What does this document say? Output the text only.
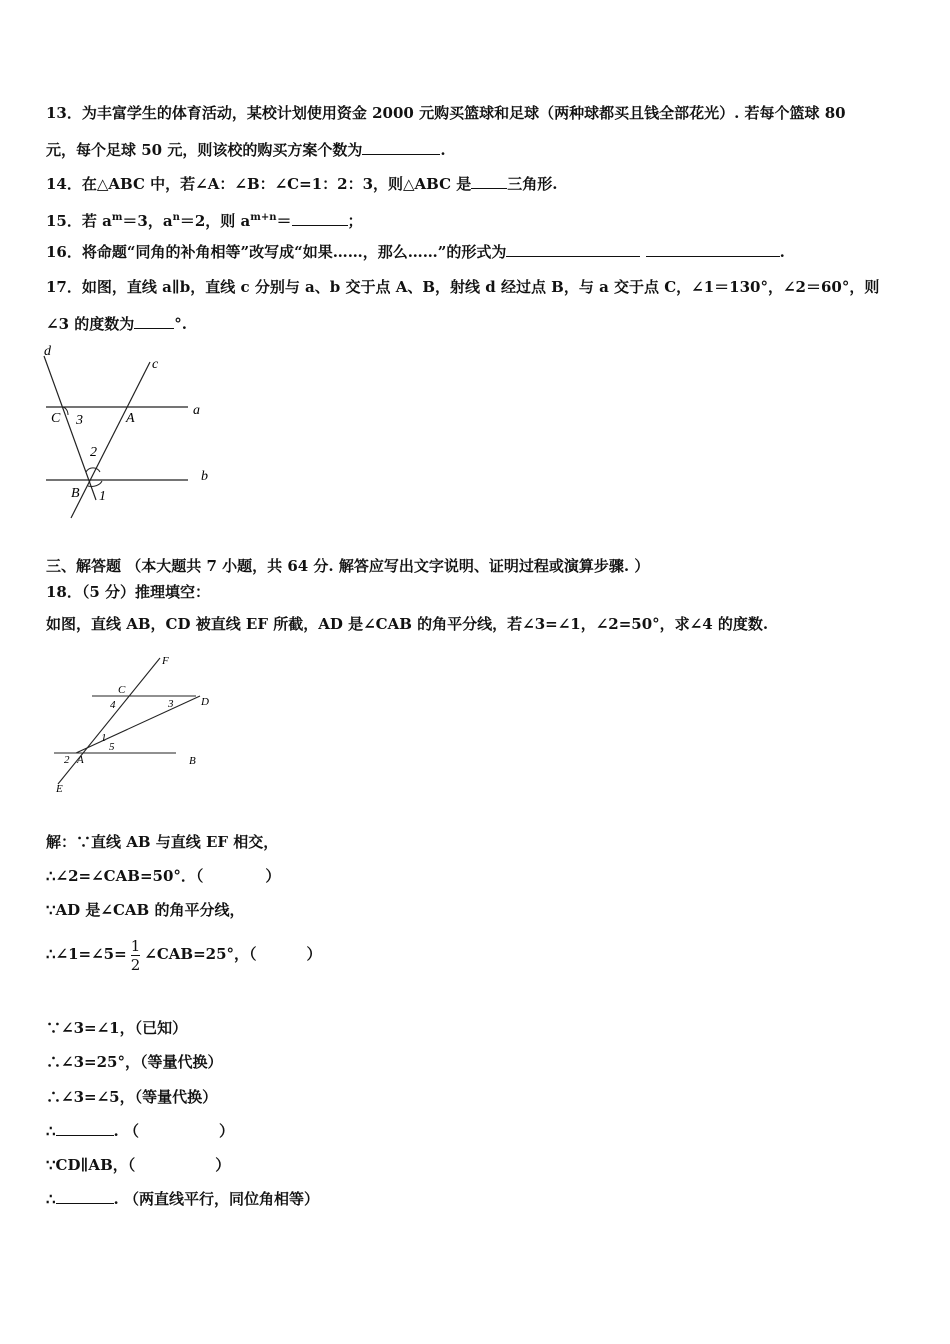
13．为丰富学生的体育活动，某校计划使用资金 2000 元购买篮球和足球（两种球都买且钱全部花光）. 若每个篮球 80
元，每个足球 50 元，则该校的购买方案个数为	.
14．在△ABC 中，若∠A：∠B：∠C=1：2：3，则△ABC 是 三角形.
15．若 $a^m=3$，$a^n=2$，则 $a^{m+n}=$	；
16．将命题“同角的补角相等”改写成“如果……，那么……”的形式为	.
17．如图，直线 a∥b，直线 c 分别与 a、b 交于点 A、B，射线 d 经过点 B，与 a 交于点 C，∠1＝130°，∠2＝60°，则
∠3 的度数为	°.
d
c
a
b
C 3	A
2
B 1
三、解答题 （本大题共 7 小题，共 64 分. 解答应写出文字说明、证明过程或演算步骤. ）
18．（5 分）推理填空：
如图，直线 AB，CD 被直线 EF 所截，AD 是∠CAB 的角平分线，若∠3=∠1，∠2=50°，求∠4 的度数.
F
C
4	3	D
1
5
2 A	B
E
解：∵直线 AB 与直线 EF 相交，
∴∠2=∠CAB=50°．（	）
∵AD 是∠CAB 的角平分线，
∴∠1=∠5= $\frac{1}{2}$ ∠CAB=25°，（	）
∵∠3=∠1，（已知）
∴∠3=25°，（等量代换）
∴∠3=∠5，（等量代换）
∴	. （	）
∵CD∥AB，（	）
∴	. （两直线平行，同位角相等）
